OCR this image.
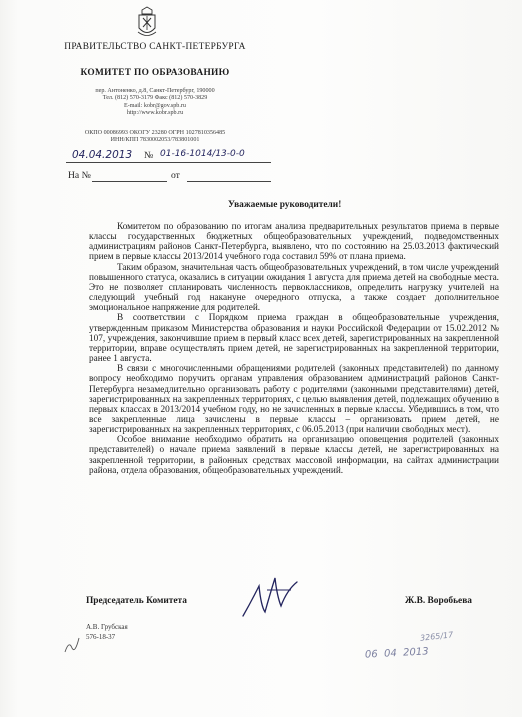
ПРАВИТЕЛЬСТВО САНКТ-ПЕТЕРБУРГА
КОМИТЕТ ПО ОБРАЗОВАНИЮ
пер. Антоненко, д.8, Санкт-Петербург, 190000
Тел. (812) 570-3179 Факс (812) 570-3829
E-mail: kobr@gov.spb.ru
http://www.kobr.spb.ru
ОКПО 00086993 ОКОГУ 23280 ОГРН 1027810356485
ИНН/КПП 7830002053/783801001
04.04.2013 № 01-16-1014/13-0-0
На №	от
Уважаемые руководители!

Комитетом по образованию по итогам анализа предварительных результатов приема в первые классы государственных бюджетных общеобразовательных учреждений, подведомственных администрациям районов Санкт-Петербурга, выявлено, что по состоянию на 25.03.2013 фактический прием в первые классы 2013/2014 учебного года составил 59% от плана приема.

Таким образом, значительная часть общеобразовательных учреждений, в том числе учреждений повышенного статуса, оказались в ситуации ожидания 1 августа для приема детей на свободные места. Это не позволяет спланировать численность первоклассников, определить нагрузку учителей на следующий учебный год накануне очередного отпуска, а также создает дополнительное эмоциональное напряжение для родителей.

В соответствии с Порядком приема граждан в общеобразовательные учреждения, утвержденным приказом Министерства образования и науки Российской Федерации от 15.02.2012 № 107, учреждения, закончившие прием в первый класс всех детей, зарегистрированных на закрепленной территории, вправе осуществлять прием детей, не зарегистрированных на закрепленной территории, ранее 1 августа.

В связи с многочисленными обращениями родителей (законных представителей) по данному вопросу необходимо поручить органам управления образованием администраций районов Санкт-Петербурга незамедлительно организовать работу с родителями (законными представителями) детей, зарегистрированных на закрепленных территориях, с целью выявления детей, подлежащих обучению в первых классах в 2013/2014 учебном году, но не зачисленных в первые классы. Убедившись в том, что все закрепленные лица зачислены в первые классы – организовать прием детей, не зарегистрированных на закрепленных территориях, с 06.05.2013 (при наличии свободных мест).

Особое внимание необходимо обратить на организацию оповещения родителей (законных представителей) о начале приема заявлений в первые классы детей, не зарегистрированных на закрепленной территории, в районных средствах массовой информации, на сайтах администрации района, отдела образования, общеобразовательных учреждений.

Председатель Комитета	Ж.В. Воробьева
А.В. Грубская
576-18-37	3265/17
06  04  2013
